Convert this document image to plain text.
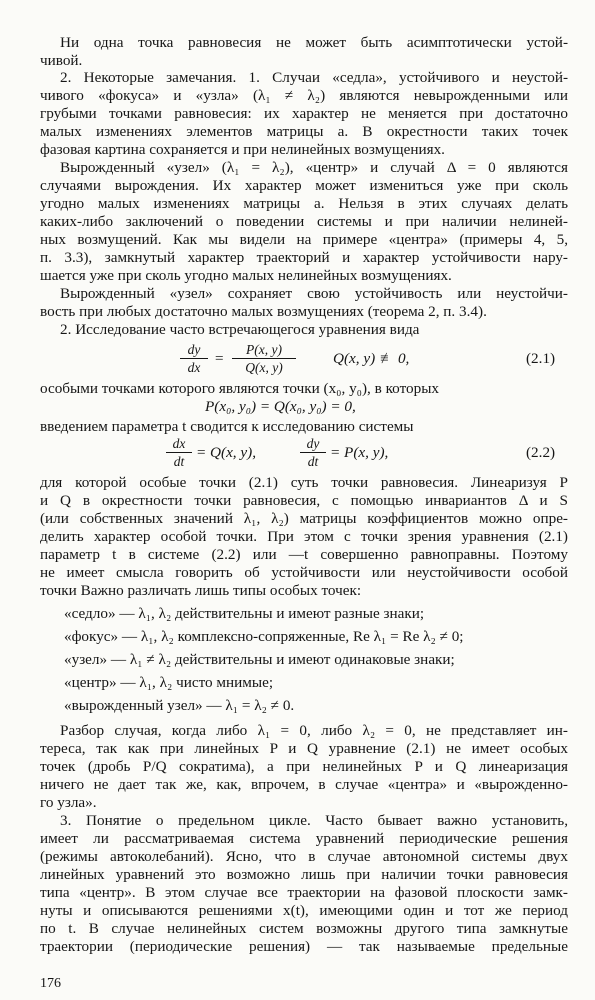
Ни одна точка равновесия не может быть асимптотически устой-
чивой.
2. Некоторые замечания. 1. Случаи «седла», устойчивого и неустой-
чивого «фокуса» и «узла» (λ₁ ≠ λ₂) являются невырожденными или
грубыми точками равновесия: их характер не меняется при достаточно
малых изменениях элементов матрицы a. В окрестности таких точек
фазовая картина сохраняется и при нелинейных возмущениях.
Вырожденный «узел» (λ₁ = λ₂), «центр» и случай Δ = 0 являются
случаями вырождения. Их характер может измениться уже при сколь
угодно малых изменениях матрицы a. Нельзя в этих случаях делать
каких-либо заключений о поведении системы и при наличии нелиней-
ных возмущений. Как мы видели на примере «центра» (примеры 4, 5,
п. 3.3), замкнутый характер траекторий и характер устойчивости нару-
шается уже при сколь угодно малых нелинейных возмущениях.
Вырожденный «узел» сохраняет свою устойчивость или неустойчи-
вость при любых достаточно малых возмущениях (теорема 2, п. 3.4).
2. Исследование часто встречающегося уравнения вида
$\frac{dy}{dx} = \frac{P(x, y)}{Q(x, y)} Q(x$, y) ≢ 0,	(2.1)
особыми точками которого являются точки (x₀, y₀), в которых
P(x₀, y₀) = Q(x₀, y₀) = 0,
введением параметра t сводится к исследованию системы
$\frac{dx}{dt} = Q(x$, y),	$\frac{dy}{dt} = P(x$, y),	(2.2)
для которой особые точки (2.1) суть точки равновесия. Линеаризуя P
и Q в окрестности точки равновесия, с помощью инвариантов Δ и S
(или собственных значений λ₁, λ₂) матрицы коэффициентов можно опре-
делить характер особой точки. При этом с точки зрения уравнения (2.1)
параметр t в системе (2.2) или —t совершенно равноправны. Поэтому
не имеет смысла говорить об устойчивости или неустойчивости особой
точки Важно различать лишь типы особых точек:
«седло» — λ₁, λ₂ действительны и имеют разные знаки;
«фокус» — λ₁, λ₂ комплексно-сопряженные, Re λ₁ = Re λ₂ ≠ 0;
«узел» — λ₁ ≠ λ₂ действительны и имеют одинаковые знаки;
«центр» — λ₁, λ₂ чисто мнимые;
«вырожденный узел» — λ₁ = λ₂ ≠ 0.
Разбор случая, когда либо λ₁ = 0, либо λ₂ = 0, не представляет ин-
тереса, так как при линейных P и Q уравнение (2.1) не имеет особых
точек (дробь P/Q сократима), а при нелинейных P и Q линеаризация
ничего не дает так же, как, впрочем, в случае «центра» и «вырожденно-
го узла».
3. Понятие о предельном цикле. Часто бывает важно установить,
имеет ли рассматриваемая система уравнений периодические решения
(режимы автоколебаний). Ясно, что в случае автономной системы двух
линейных уравнений это возможно лишь при наличии точки равновесия
типа «центр». В этом случае все траектории на фазовой плоскости замк-
нуты и описываются решениями x(t), имеющими один и тот же период
по t. В случае нелинейных систем возможны другого типа замкнутые
траектории (периодические решения) — так называемые предельные
176
